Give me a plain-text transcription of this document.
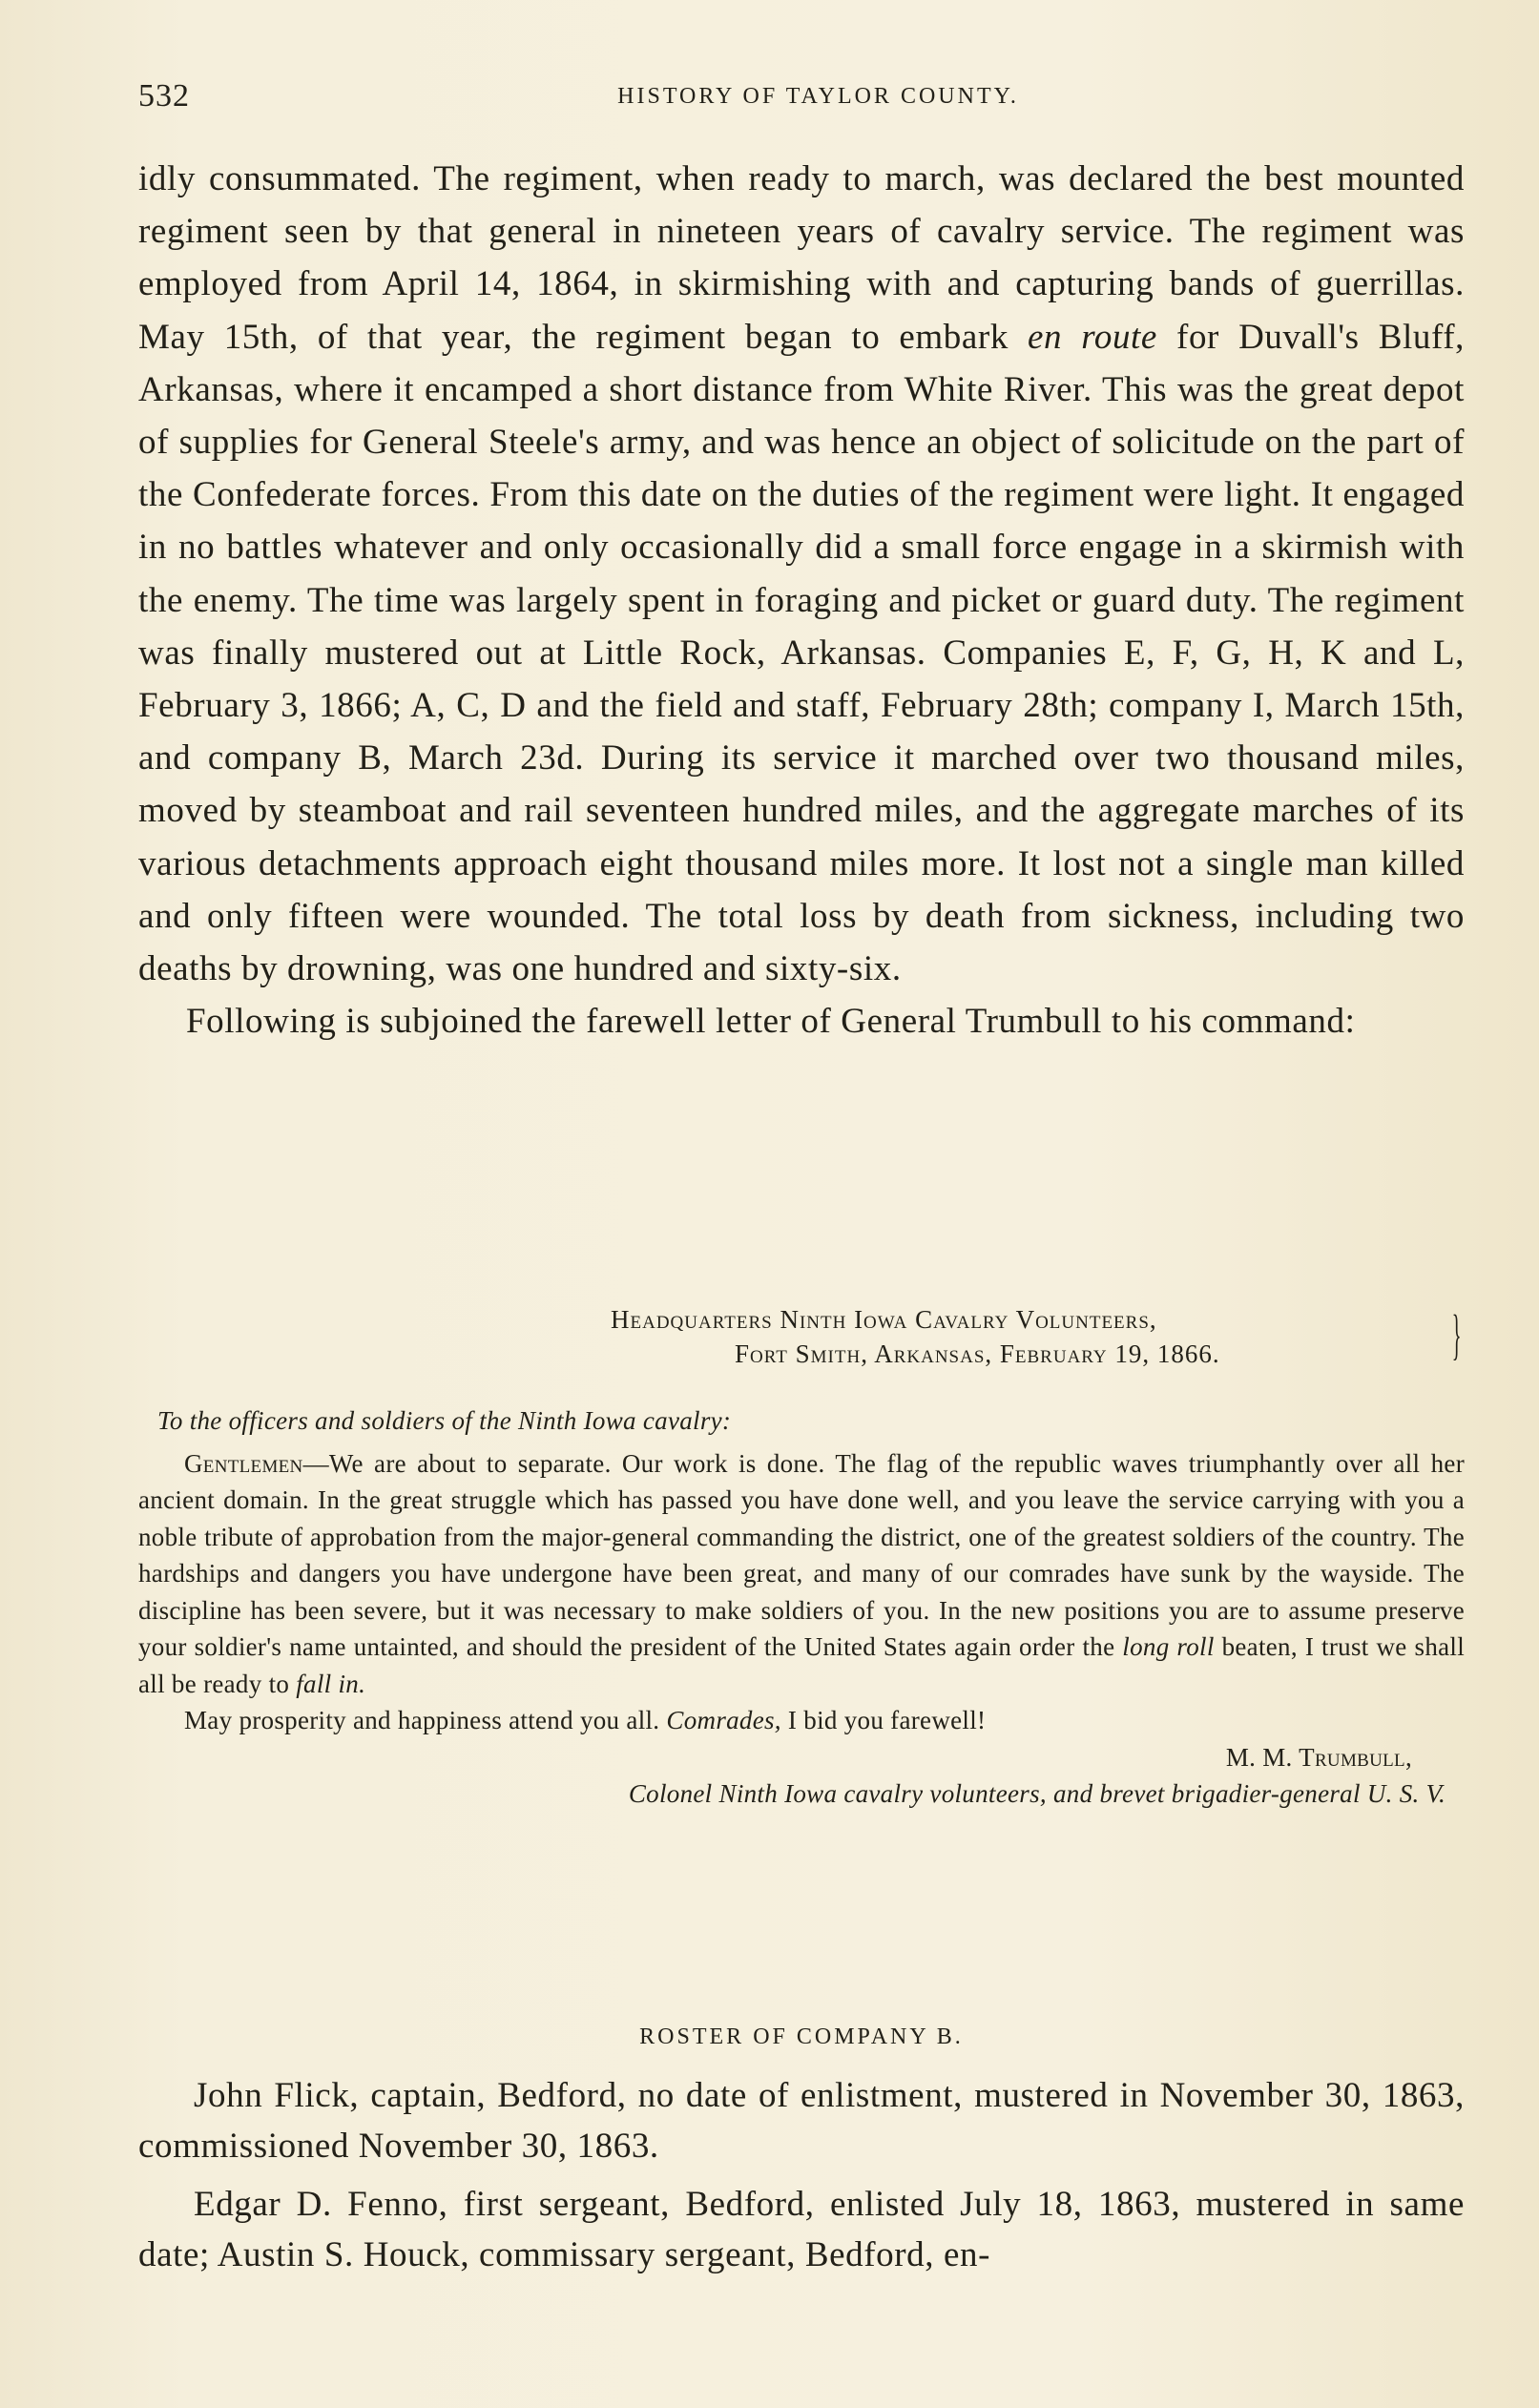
532	HISTORY OF TAYLOR COUNTY.

idly consummated. The regiment, when ready to march, was declared the best mounted regiment seen by that general in nineteen years of cavalry service. The regiment was employed from April 14, 1864, in skirmishing with and capturing bands of guerrillas. May 15th, of that year, the regiment began to embark en route for Duvall's Bluff, Arkansas, where it encamped a short distance from White River. This was the great depot of supplies for General Steele's army, and was hence an object of solicitude on the part of the Confederate forces. From this date on the duties of the regiment were light. It engaged in no battles whatever and only occasionally did a small force engage in a skirmish with the enemy. The time was largely spent in foraging and picket or guard duty. The regiment was finally mustered out at Little Rock, Arkansas. Companies E, F, G, H, K and L, February 3, 1866; A, C, D and the field and staff, February 28th; company I, March 15th, and company B, March 23d. During its service it marched over two thousand miles, moved by steamboat and rail seventeen hundred miles, and the aggregate marches of its various detachments approach eight thousand miles more. It lost not a single man killed and only fifteen were wounded. The total loss by death from sickness, including two deaths by drowning, was one hundred and sixty-six.

Following is subjoined the farewell letter of General Trumbull to his command:

Headquarters Ninth Iowa Cavalry Volunteers,
Fort Smith, Arkansas, February 19, 1866.	}

To the officers and soldiers of the Ninth Iowa cavalry:

Gentlemen—We are about to separate. Our work is done. The flag of the republic waves triumphantly over all her ancient domain. In the great struggle which has passed you have done well, and you leave the service carrying with you a noble tribute of approbation from the major-general commanding the district, one of the greatest soldiers of the country. The hardships and dangers you have undergone have been great, and many of our comrades have sunk by the wayside. The discipline has been severe, but it was necessary to make soldiers of you. In the new positions you are to assume preserve your soldier's name untainted, and should the president of the United States again order the long roll beaten, I trust we shall all be ready to fall in.

May prosperity and happiness attend you all. Comrades, I bid you farewell!

M. M. Trumbull,

Colonel Ninth Iowa cavalry volunteers, and brevet brigadier-general U. S. V.

ROSTER OF COMPANY B.

John Flick, captain, Bedford, no date of enlistment, mustered in November 30, 1863, commissioned November 30, 1863.

Edgar D. Fenno, first sergeant, Bedford, enlisted July 18, 1863, mustered in same date; Austin S. Houck, commissary sergeant, Bedford, en-
